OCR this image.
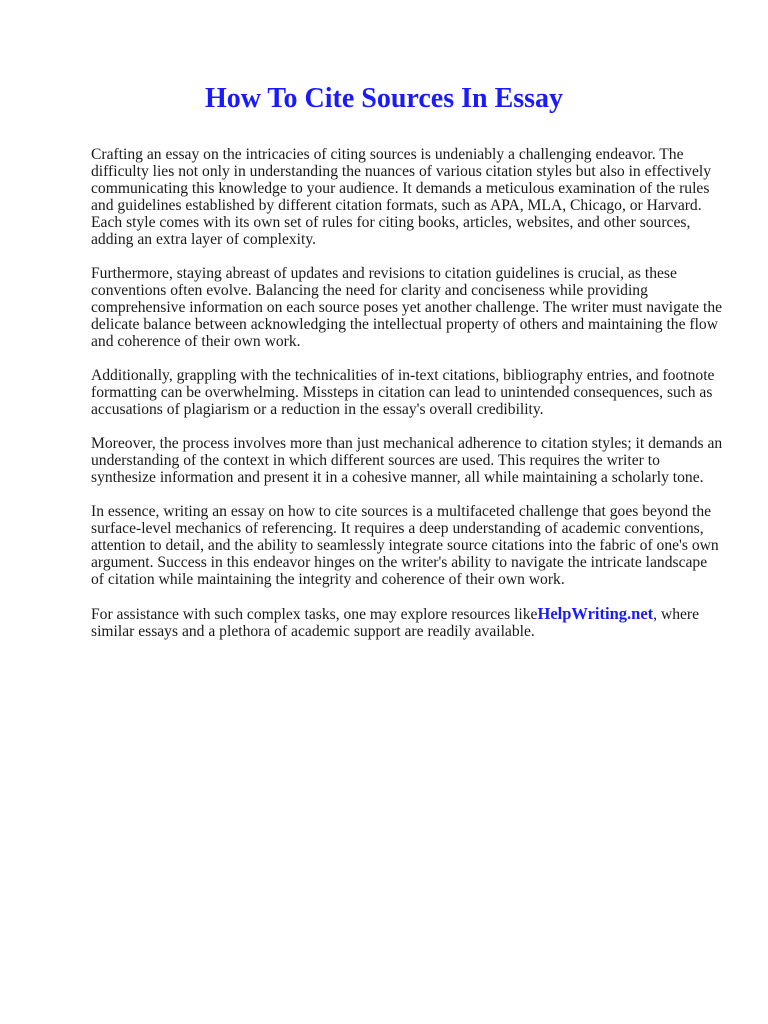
How To Cite Sources In Essay

Crafting an essay on the intricacies of citing sources is undeniably a challenging endeavor. The difficulty lies not only in understanding the nuances of various citation styles but also in effectively communicating this knowledge to your audience. It demands a meticulous examination of the rules and guidelines established by different citation formats, such as APA, MLA, Chicago, or Harvard. Each style comes with its own set of rules for citing books, articles, websites, and other sources, adding an extra layer of complexity.

Furthermore, staying abreast of updates and revisions to citation guidelines is crucial, as these conventions often evolve. Balancing the need for clarity and conciseness while providing comprehensive information on each source poses yet another challenge. The writer must navigate the delicate balance between acknowledging the intellectual property of others and maintaining the flow and coherence of their own work.

Additionally, grappling with the technicalities of in-text citations, bibliography entries, and footnote formatting can be overwhelming. Missteps in citation can lead to unintended consequences, such as accusations of plagiarism or a reduction in the essay's overall credibility.

Moreover, the process involves more than just mechanical adherence to citation styles; it demands an understanding of the context in which different sources are used. This requires the writer to synthesize information and present it in a cohesive manner, all while maintaining a scholarly tone.

In essence, writing an essay on how to cite sources is a multifaceted challenge that goes beyond the surface-level mechanics of referencing. It requires a deep understanding of academic conventions, attention to detail, and the ability to seamlessly integrate source citations into the fabric of one's own argument. Success in this endeavor hinges on the writer's ability to navigate the intricate landscape of citation while maintaining the integrity and coherence of their own work.

For assistance with such complex tasks, one may explore resources likeHelpWriting.net, where similar essays and a plethora of academic support are readily available.
